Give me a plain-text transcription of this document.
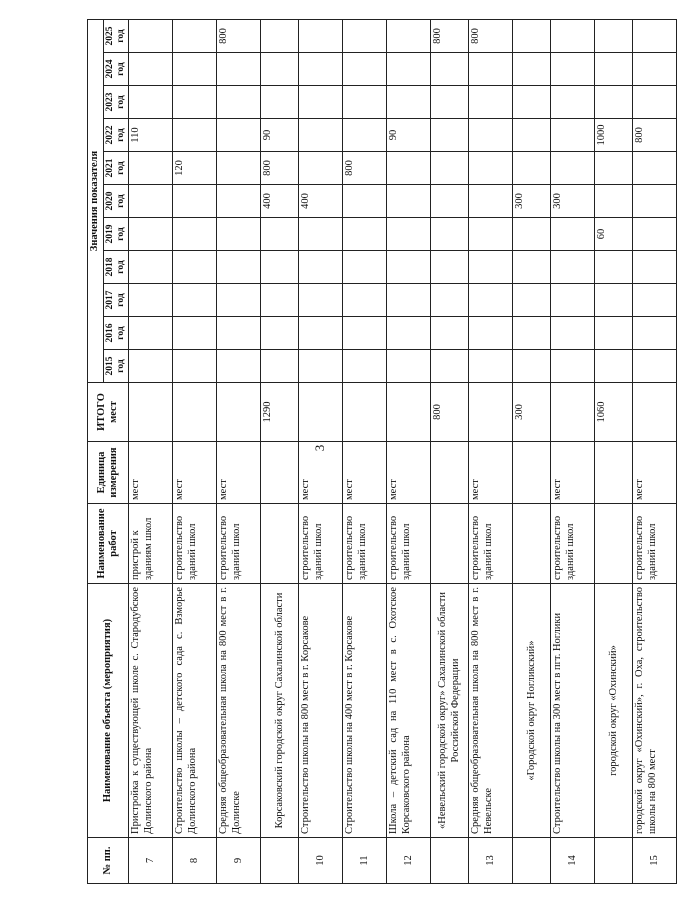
3
№ пп.	Наименование объекта (мероприятия)	Наименование работ	Единица измерения	ИТОГО мест	Значения показателя										
					2015 год	2016 год	2017 год	2018 год	2019 год	2020 год	2021 год	2022 год	2023 год	2024 год	2025 год
7	Пристройка к существующей школе с. Стародубское Долинского района	пристрой к зданиям школ	мест									110			
8	Строительство школы – детского сада с. Взморье Долинского района	строительство зданий школ	мест								120				
9	Средняя общеобразовательная школа на 800 мест в г. Долинске	строительство зданий школ	мест												800
	Корсаковский городской округ Сахалинской области			1290						400	800	90			
10	Строительство школы на 800 мест в г. Корсакове	строительство зданий школ	мест							400					
11	Строительство школы на 400 мест в г. Корсакове	строительство зданий школ	мест								800				
12	Школа – детский сад на 110 мест в с. Охотское Корсаковского района	строительство зданий школ	мест									90			
	«Невельский городской округ» Сахалинской области Российской Федерации			800											800
13	Средняя общеобразовательная школа на 800 мест в г. Невельске	строительство зданий школ	мест												800
	«Городской округ Ногликский»			300						300					
14	Строительство школы на 300 мест в пгт. Ноглики	строительство зданий школ	мест							300					
	городской округ «Охинский»			1060					60			1000			
15	городской округ «Охинский», г. Оха, строительство школы на 800 мест	строительство зданий школ	мест									800			
